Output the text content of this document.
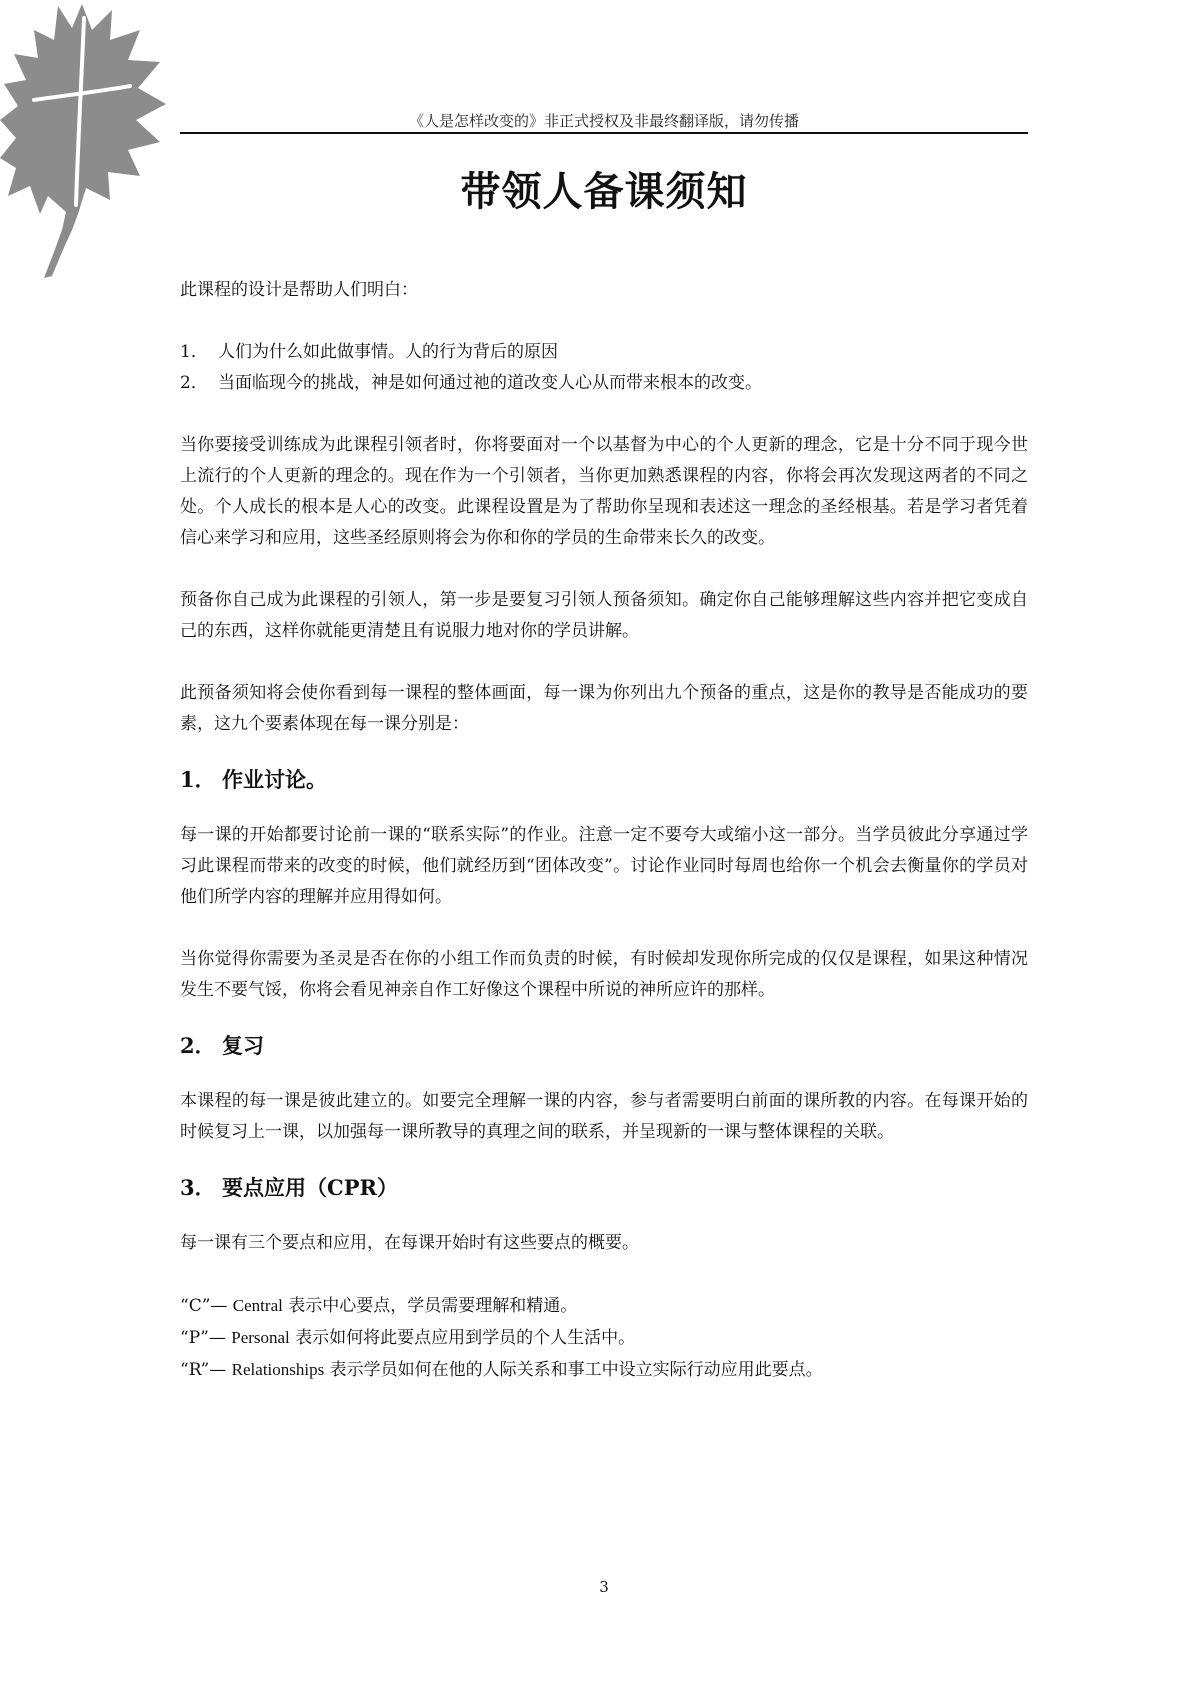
《人是怎样改变的》非正式授权及非最终翻译版，请勿传播
带领人备课须知

此课程的设计是帮助人们明白：

1． 人们为什么如此做事情。人的行为背后的原因
2． 当面临现今的挑战，神是如何通过祂的道改变人心从而带来根本的改变。

当你要接受训练成为此课程引领者时，你将要面对一个以基督为中心的个人更新的理念，它是十分不同于现今世上流行的个人更新的理念的。现在作为一个引领者，当你更加熟悉课程的内容，你将会再次发现这两者的不同之处。个人成长的根本是人心的改变。此课程设置是为了帮助你呈现和表述这一理念的圣经根基。若是学习者凭着信心来学习和应用，这些圣经原则将会为你和你的学员的生命带来长久的改变。

预备你自己成为此课程的引领人，第一步是要复习引领人预备须知。确定你自己能够理解这些内容并把它变成自己的东西，这样你就能更清楚且有说服力地对你的学员讲解。

此预备须知将会使你看到每一课程的整体画面，每一课为你列出九个预备的重点，这是你的教导是否能成功的要素，这九个要素体现在每一课分别是：

1． 作业讨论。

每一课的开始都要讨论前一课的“联系实际”的作业。注意一定不要夸大或缩小这一部分。当学员彼此分享通过学习此课程而带来的改变的时候，他们就经历到“团体改变”。讨论作业同时每周也给你一个机会去衡量你的学员对他们所学内容的理解并应用得如何。

当你觉得你需要为圣灵是否在你的小组工作而负责的时候，有时候却发现你所完成的仅仅是课程，如果这种情况发生不要气馁，你将会看见神亲自作工好像这个课程中所说的神所应许的那样。

2． 复习

本课程的每一课是彼此建立的。如要完全理解一课的内容，参与者需要明白前面的课所教的内容。在每课开始的时候复习上一课，以加强每一课所教导的真理之间的联系，并呈现新的一课与整体课程的关联。

3． 要点应用（CPR）

每一课有三个要点和应用，在每课开始时有这些要点的概要。

“C”— Central 表示中心要点，学员需要理解和精通。

“P”— Personal 表示如何将此要点应用到学员的个人生活中。

“R”— Relationships 表示学员如何在他的人际关系和事工中设立实际行动应用此要点。

3
